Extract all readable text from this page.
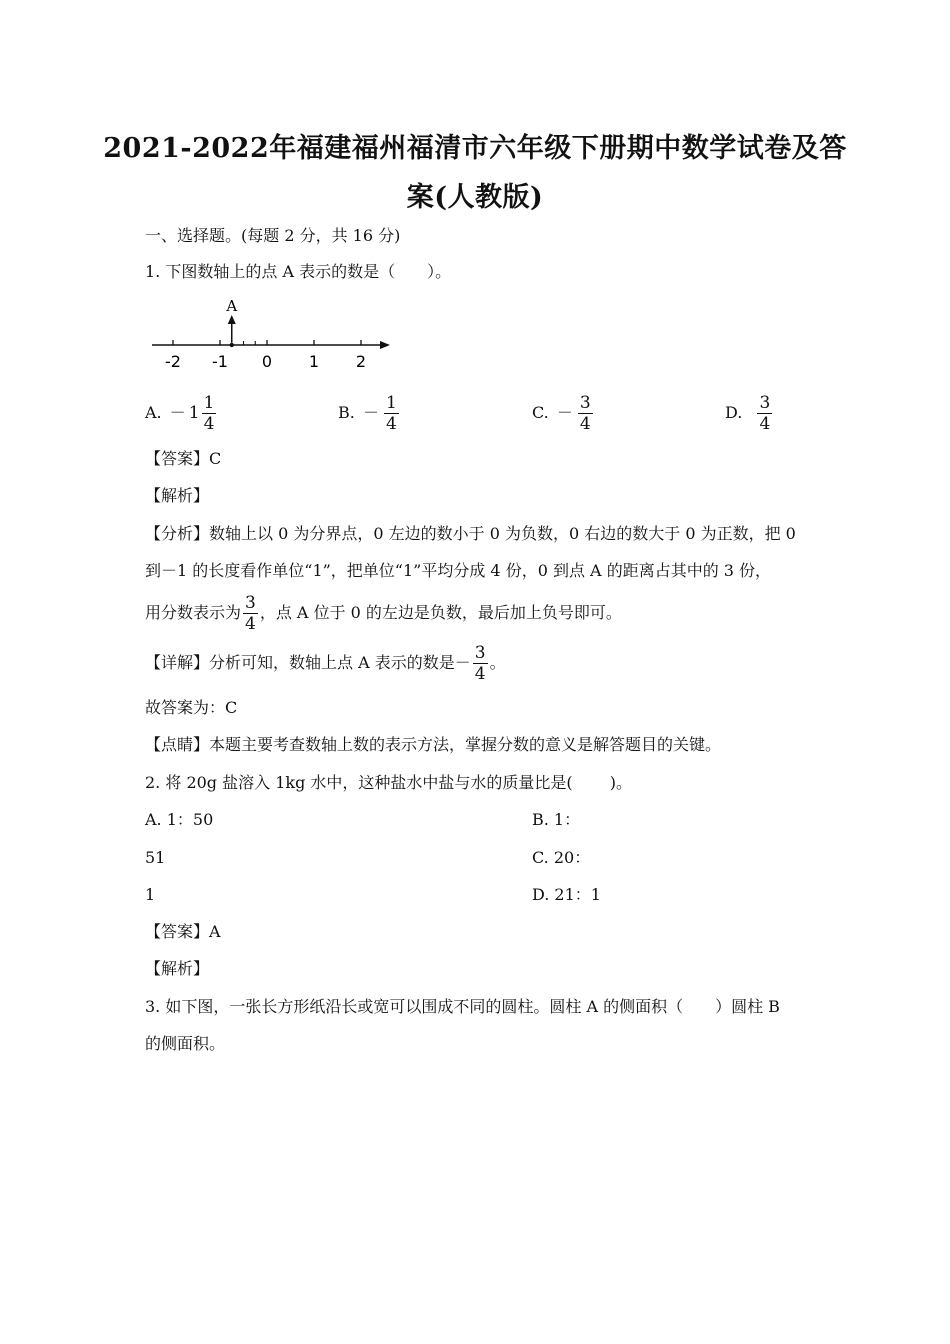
2021-2022年福建福州福清市六年级下册期中数学试卷及答
案(人教版)
一、选择题。(每题 2 分，共 16 分)
1. 下图数轴上的点 A 表示的数是（　　）。
-2 -1 0 1 2
A
A. － $1 \frac{1}{4}$	B. － $\frac{1}{4}$	C. － $\frac{3}{4}$	D. $\frac{3}{4}$
【答案】C
【解析】
【分析】数轴上以 0 为分界点，0 左边的数小于 0 为负数，0 右边的数大于 0 为正数，把 0
到－1 的长度看作单位“1”，把单位“1”平均分成 4 份，0 到点 A 的距离占其中的 3 份，
用分数表示为 $\frac{3}{4}$ ，点 A 位于 0 的左边是负数，最后加上负号即可。
【详解】分析可知，数轴上点 A 表示的数是－ $\frac{3}{4}$ 。
故答案为：C
【点睛】本题主要考查数轴上数的表示方法，掌握分数的意义是解答题目的关键。
2. 将 20g 盐溶入 1kg 水中，这种盐水中盐与水的质量比是(　　 )。
A. 1：50	B. 1：
51	C. 20：
1	D. 21：1
【答案】A
【解析】
3. 如下图，一张长方形纸沿长或宽可以围成不同的圆柱。圆柱 A 的侧面积（　　）圆柱 B
的侧面积。
